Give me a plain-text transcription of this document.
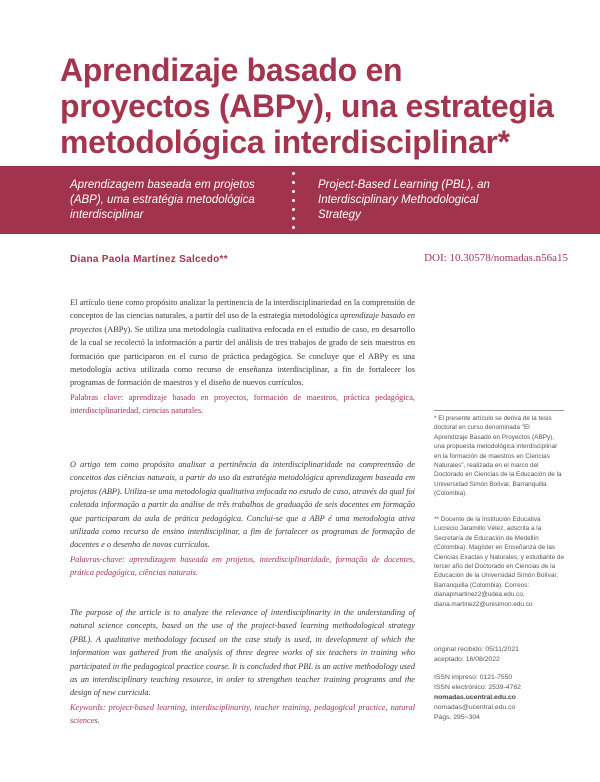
Aprendizaje basado en
proyectos (ABPy), una estrategia
metodológica interdisciplinar*
Aprendizagem baseada em projetos
(ABP), uma estratégia metodológica
interdisciplinar
Project-Based Learning (PBL), an
Interdisciplinary Methodological
Strategy
Diana Paola Martínez Salcedo**	DOI: 10.30578/nomadas.n56a15

El artículo tiene como propósito analizar la pertinencia de la interdisciplinariedad en la comprensión de conceptos de las ciencias naturales, a partir del uso de la estrategia metodológica aprendizaje basado en proyectos (ABPy). Se utiliza una metodología cualitativa enfocada en el estudio de caso, en desarrollo de la cual se recolectó la información a partir del análisis de tres trabajos de grado de seis maestros en formación que participaron en el curso de práctica pedagógica. Se concluye que el ABPy es una metodología activa utilizada como recurso de enseñanza interdisciplinar, a fin de fortalecer los programas de formación de maestros y el diseño de nuevos currículos.

Palabras clave: aprendizaje basado en proyectos, formación de maestros, práctica pedagógica, interdisciplinariedad, ciencias naturales.

O artigo tem como propósito analisar a pertinência da interdisciplinaridade na compreensão de conceitos das ciências naturais, a partir do uso da estratégia metodológica aprendizagem baseada em projetos (ABP). Utiliza-se uma metodologia qualitativa enfocada no estudo de caso, através da qual foi coletada informação a partir da análise de três trabalhos de graduação de seis docentes em formação que participaram da aula de prática pedagógica. Conclui-se que a ABP é uma metodologia ativa utilizada como recurso de ensino interdisciplinar, a fim de fortalecer os programas de formação de docentes e o desenho de novos currículos.

Palavras-chave: aprendizagem baseada em projetos, interdisciplinaridade, formação de docentes, prática pedagógica, ciências naturais.

The purpose of the article is to analyze the relevance of interdisciplinarity in the understanding of natural science concepts, based on the use of the project-based learning methodological strategy (PBL). A qualitative methodology focused on the case study is used, in development of which the information was gathered from the analysis of three degree works of six teachers in training who participated in the pedagogical practice course. It is concluded that PBL is an active methodology used as an interdisciplinary teaching resource, in order to strengthen teacher training programs and the design of new curricula.

Keywords: project-based learning, interdisciplinarity, teacher training, pedagogical practice, natural sciences.

* El presente artículo se deriva de la tesis doctoral en curso denominada "El Aprendizaje Basado en Proyectos (ABPy), una propuesta metodológica interdisciplinar en la formación de maestros en Ciencias Naturales", realizada en el marco del Doctorado en Ciencias de la Educación de la Universidad Simón Bolívar, Barranquilla (Colombia).
** Docente de la Institución Educativa Lucrecio Jaramillo Vélez, adscrita a la Secretaría de Educación de Medellín (Colombia). Magíster en Enseñanza de las Ciencias Exactas y Naturales, y estudiante de tercer año del Doctorado en Ciencias de la Educación de la Universidad Simón Bolívar, Barranquilla (Colombia). Correos: dianapmartinez2@udea.edu.co, diana.martinez2@unisimon.edu.co
original recibido: 05/11/2021
aceptado: 16/08/2022
ISSN impreso: 0121-7550
ISSN electrónico: 2539-4762
nomadas.ucentral.edu.co
nomadas@ucentral.edu.co
Págs. 295~304
